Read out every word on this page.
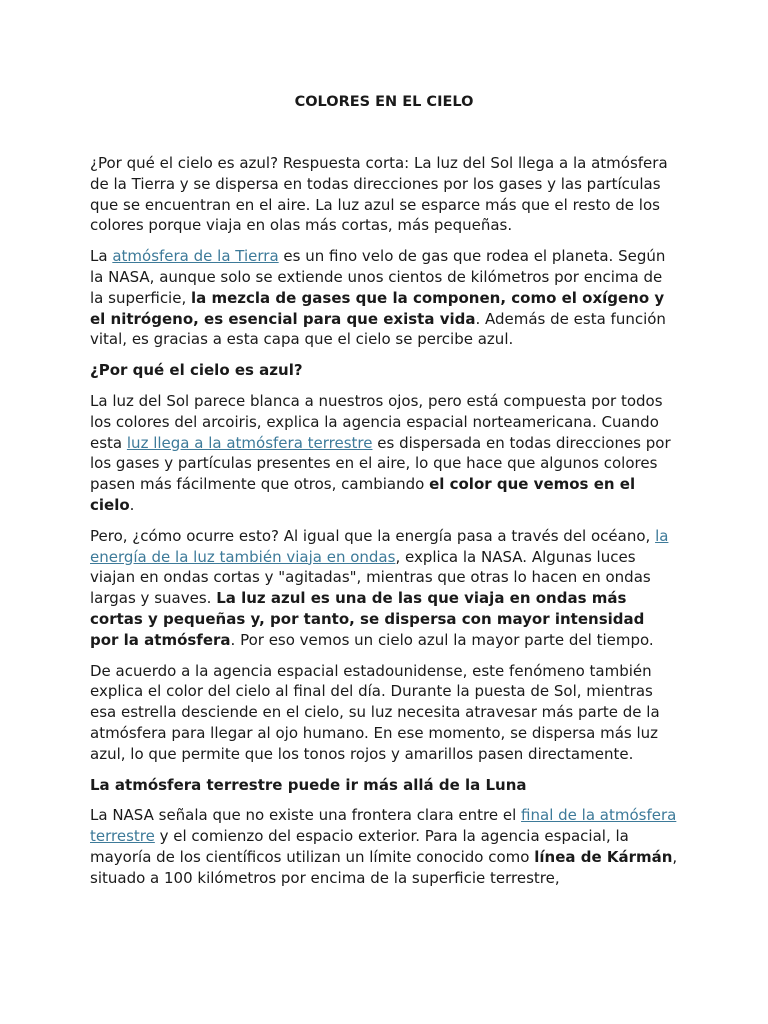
COLORES EN EL CIELO

¿Por qué el cielo es azul? Respuesta corta: La luz del Sol llega a la atmósfera de la Tierra y se dispersa en todas direcciones por los gases y las partículas que se encuentran en el aire. La luz azul se esparce más que el resto de los colores porque viaja en olas más cortas, más pequeñas.

La atmósfera de la Tierra es un fino velo de gas que rodea el planeta. Según la NASA, aunque solo se extiende unos cientos de kilómetros por encima de la superficie, la mezcla de gases que la componen, como el oxígeno y el nitrógeno, es esencial para que exista vida. Además de esta función vital, es gracias a esta capa que el cielo se percibe azul.

¿Por qué el cielo es azul?

La luz del Sol parece blanca a nuestros ojos, pero está compuesta por todos los colores del arcoiris, explica la agencia espacial norteamericana. Cuando esta luz llega a la atmósfera terrestre es dispersada en todas direcciones por los gases y partículas presentes en el aire, lo que hace que algunos colores pasen más fácilmente que otros, cambiando el color que vemos en el cielo.

Pero, ¿cómo ocurre esto? Al igual que la energía pasa a través del océano, la energía de la luz también viaja en ondas, explica la NASA. Algunas luces viajan en ondas cortas y "agitadas", mientras que otras lo hacen en ondas largas y suaves. La luz azul es una de las que viaja en ondas más cortas y pequeñas y, por tanto, se dispersa con mayor intensidad por la atmósfera. Por eso vemos un cielo azul la mayor parte del tiempo.

De acuerdo a la agencia espacial estadounidense, este fenómeno también explica el color del cielo al final del día. Durante la puesta de Sol, mientras esa estrella desciende en el cielo, su luz necesita atravesar más parte de la atmósfera para llegar al ojo humano. En ese momento, se dispersa más luz azul, lo que permite que los tonos rojos y amarillos pasen directamente.

La atmósfera terrestre puede ir más allá de la Luna

La NASA señala que no existe una frontera clara entre el final de la atmósfera terrestre y el comienzo del espacio exterior. Para la agencia espacial, la mayoría de los científicos utilizan un límite conocido como línea de Kármán, situado a 100 kilómetros por encima de la superficie terrestre,
